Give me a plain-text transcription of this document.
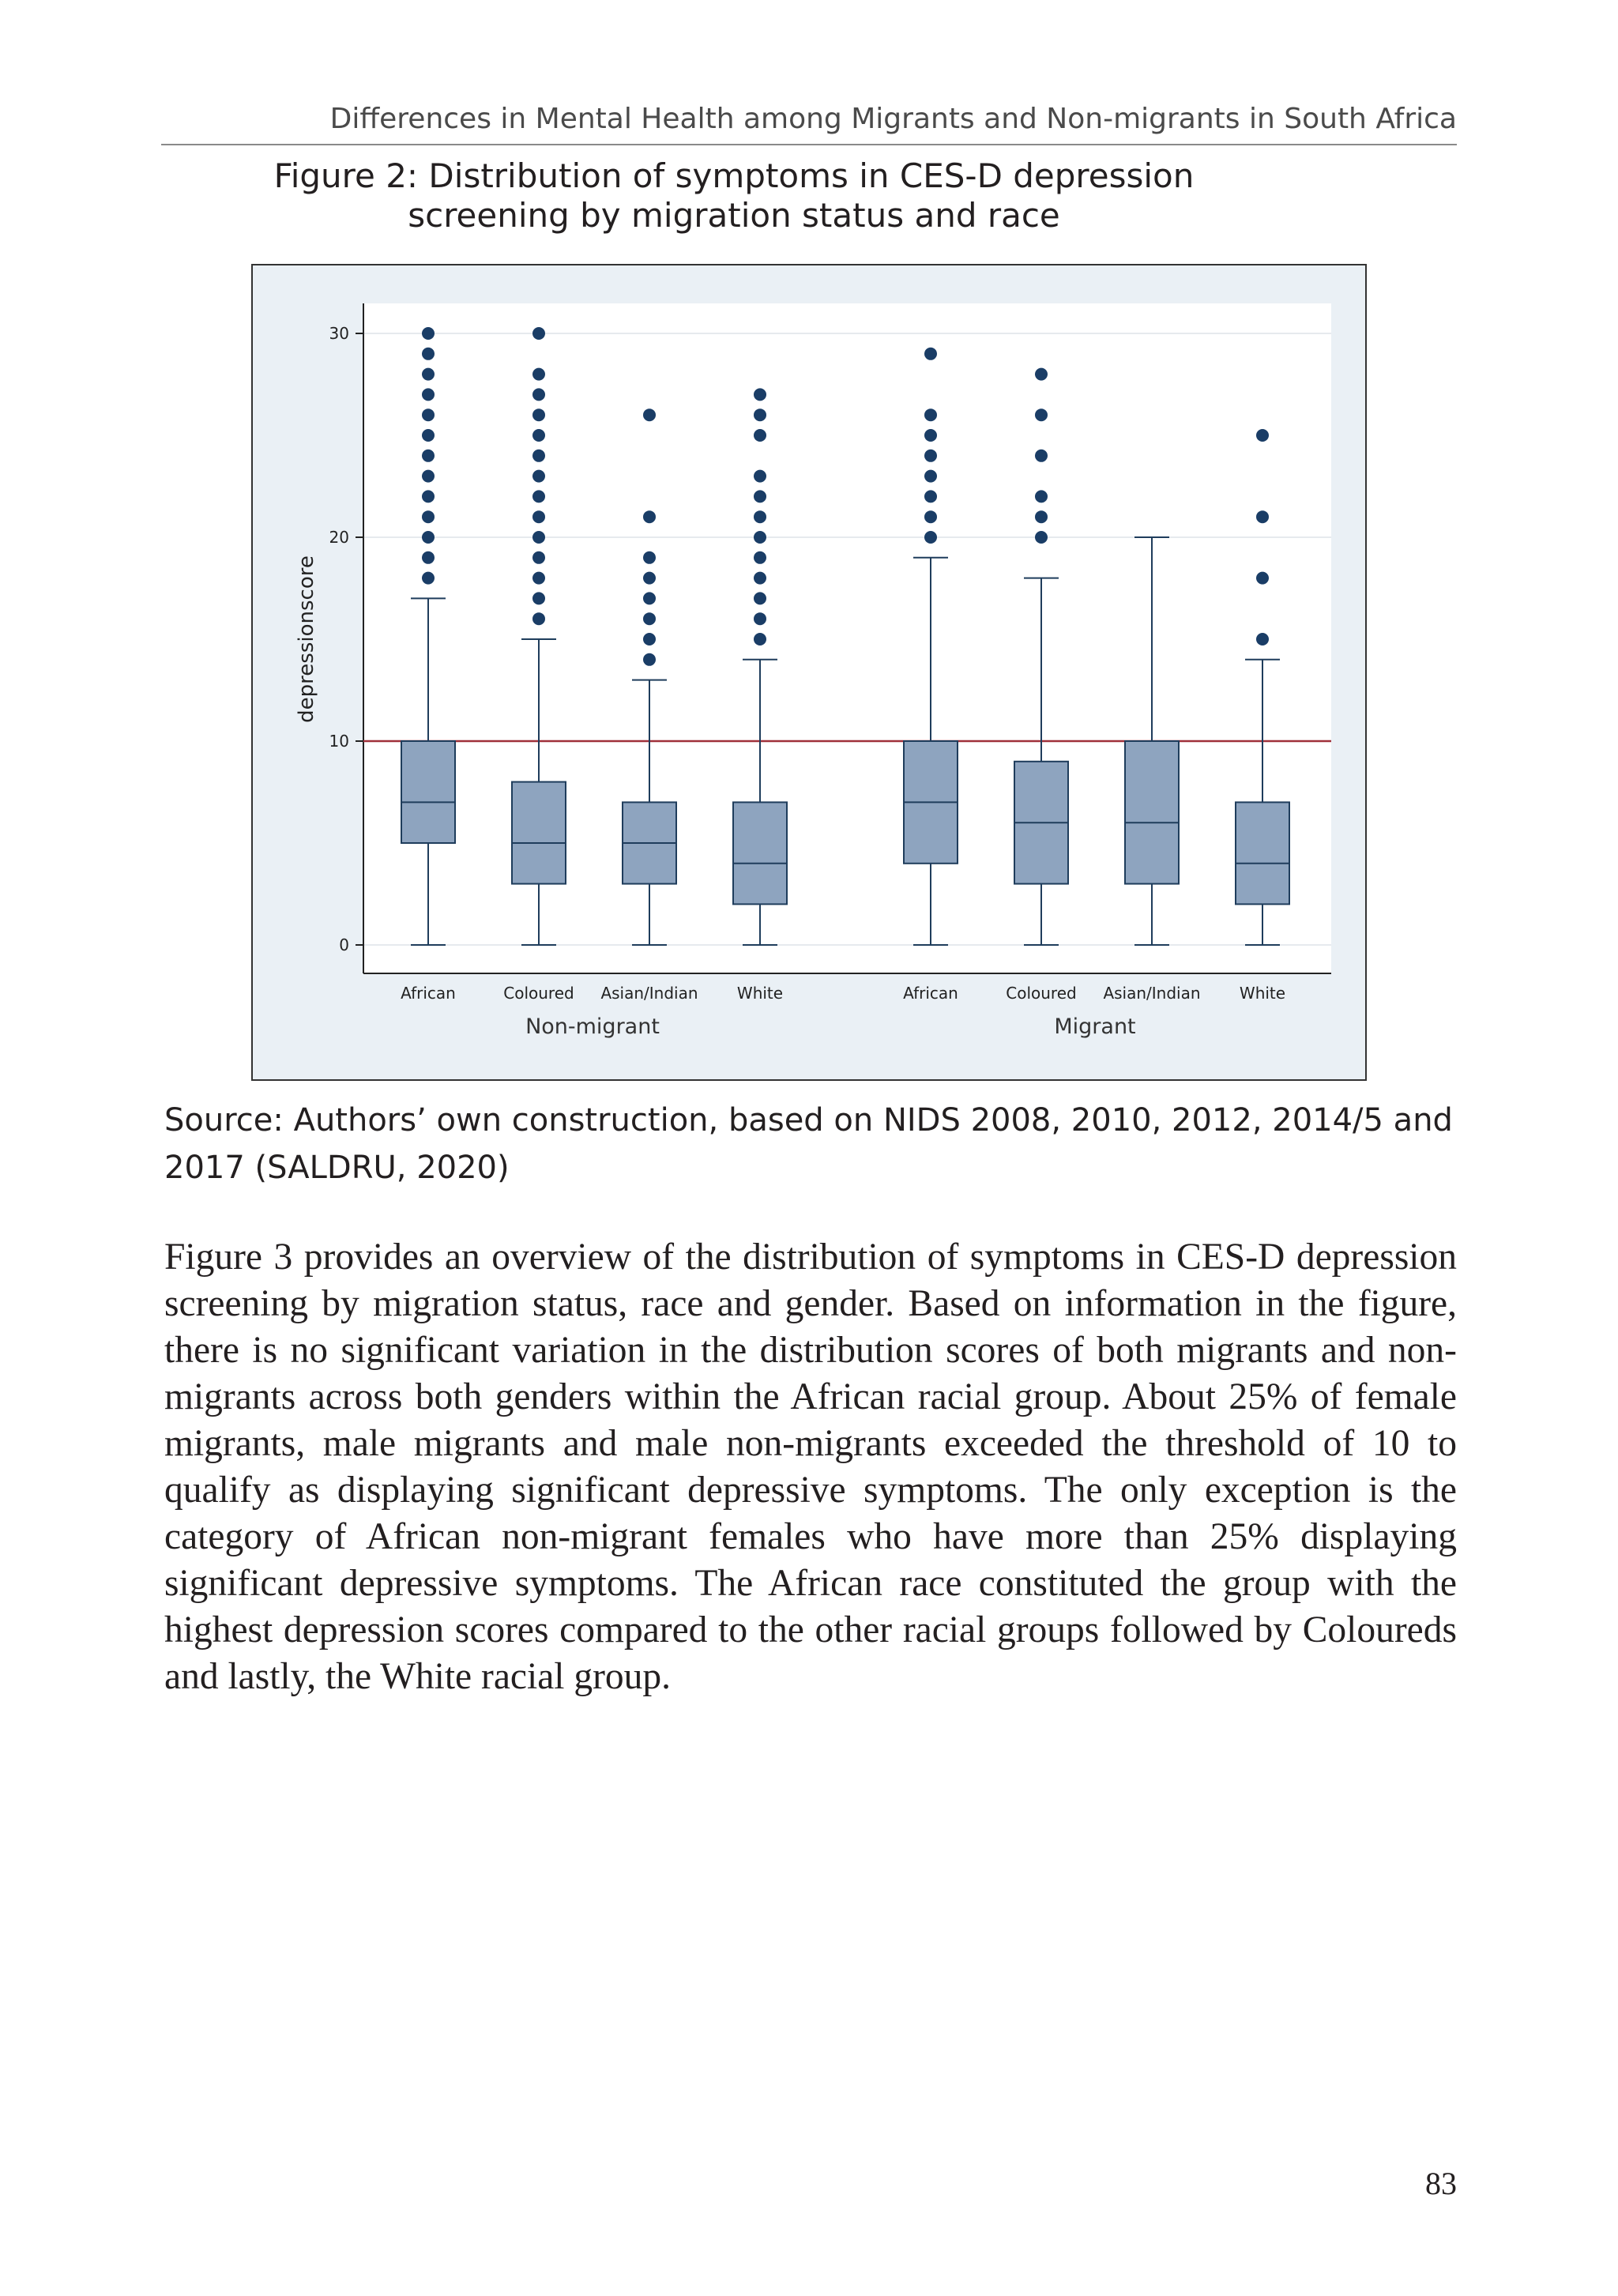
Differences in Mental Health among Migrants and Non-migrants in South Africa
Figure 2: Distribution of symptoms in CES-D depression
screening by migration status and race
0
10
20
30
depressionscore
African	Coloured Asian/Indian White
Non-migrant
African	Coloured Asian/Indian White
Migrant
Source: Authors’ own construction, based on NIDS 2008, 2010, 2012, 2014/5 and 2017 (SALDRU, 2020)
Figure 3 provides an overview of the distribution of symptoms in CES-D depression screening by migration status, race and gender. Based on information in the figure, there is no significant variation in the distribution scores of both migrants and non-migrants across both genders within the African racial group. About 25% of female migrants, male migrants and male non-migrants exceeded the threshold of 10 to qualify as displaying significant depressive symptoms. The only exception is the category of African non-migrant females who have more than 25% displaying significant depressive symptoms. The African race constituted the group with the highest depression scores compared to the other racial groups followed by Coloureds and lastly, the White racial group.
83
